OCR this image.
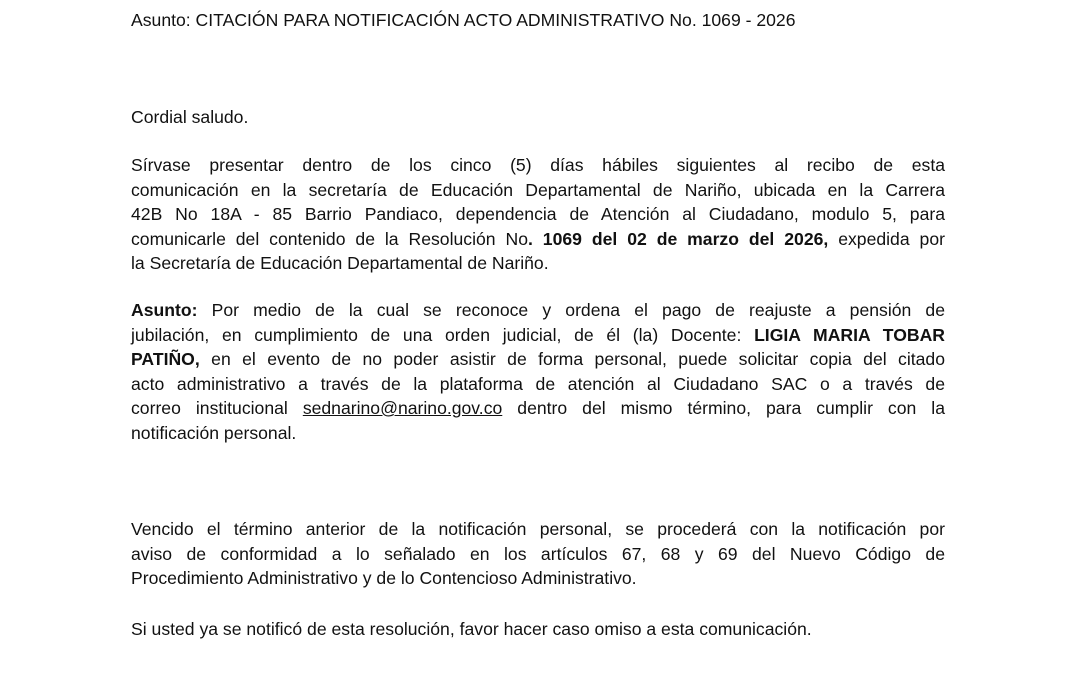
Asunto: CITACIÓN PARA NOTIFICACIÓN ACTO ADMINISTRATIVO No. 1069 - 2026

Cordial saludo.

Sírvase presentar dentro de los cinco (5) días hábiles siguientes al recibo de esta
comunicación en la secretaría de Educación Departamental de Nariño, ubicada en la Carrera
42B No 18A - 85 Barrio Pandiaco, dependencia de Atención al Ciudadano, modulo 5, para
comunicarle del contenido de la Resolución No. 1069 del 02 de marzo del 2026, expedida por
la Secretaría de Educación Departamental de Nariño.
Asunto: Por medio de la cual se reconoce y ordena el pago de reajuste a pensión de
jubilación, en cumplimiento de una orden judicial, de él (la) Docente: LIGIA MARIA TOBAR
PATIÑO, en el evento de no poder asistir de forma personal, puede solicitar copia del citado
acto administrativo a través de la plataforma de atención al Ciudadano SAC o a través de
correo institucional sednarino@narino.gov.co dentro del mismo término, para cumplir con la
notificación personal.
Vencido el término anterior de la notificación personal, se procederá con la notificación por
aviso de conformidad a lo señalado en los artículos 67, 68 y 69 del Nuevo Código de
Procedimiento Administrativo y de lo Contencioso Administrativo.
Si usted ya se notificó de esta resolución, favor hacer caso omiso a esta comunicación.
